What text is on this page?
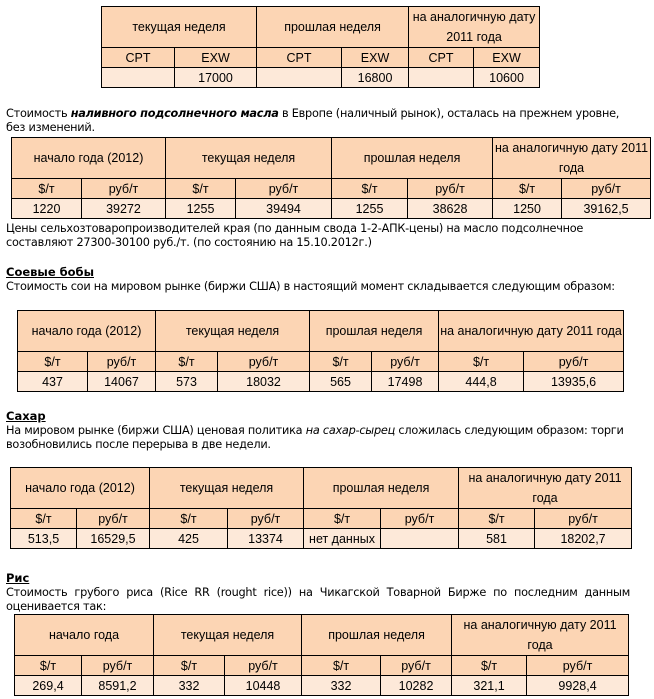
текущая неделя		прошлая неделя		на аналогичную дату 2011 года	
CPT	EXW	CPT	EXW	CPT	EXW
	17000		16800		10600
Стоимость наливного подсолнечного масла в Европе (наличный рынок), осталась на прежнем уровне, без изменений.
начало года (2012)		текущая неделя		прошлая неделя		на аналогичную дату 2011 года	
$/т	руб/т	$/т	руб/т	$/т	руб/т	$/т	руб/т
1220	39272	1255	39494	1255	38628	1250	39162,5
Цены сельхозтоваропроизводителей края (по данным свода 1-2-АПК-цены) на масло подсолнечное составляют 27300-30100 руб./т. (по состоянию на 15.10.2012г.)
Соевые бобы
Стоимость сои на мировом рынке (биржи США) в настоящий момент складывается следующим образом:
начало года (2012)		текущая неделя		прошлая неделя		на аналогичную дату 2011 года	
$/т	руб/т	$/т	руб/т	$/т	руб/т	$/т	руб/т
437	14067	573	18032	565	17498	444,8	13935,6
Сахар
На мировом рынке (биржи США) ценовая политика на сахар-сырец сложилась следующим образом: торги возобновились после перерыва в две недели.
начало года (2012)		текущая неделя		прошлая неделя		на аналогичную дату 2011 года	
$/т	руб/т	$/т	руб/т	$/т	руб/т	$/т	руб/т
513,5	16529,5	425	13374	нет данных		581	18202,7
Рис
Стоимость грубого риса (Rice RR (rought rice)) на Чикагской Товарной Бирже по последним данным оценивается так:
начало года		текущая неделя		прошлая неделя		на аналогичную дату 2011 года	
$/т	руб/т	$/т	руб/т	$/т	руб/т	$/т	руб/т
269,4	8591,2	332	10448	332	10282	321,1	9928,4
